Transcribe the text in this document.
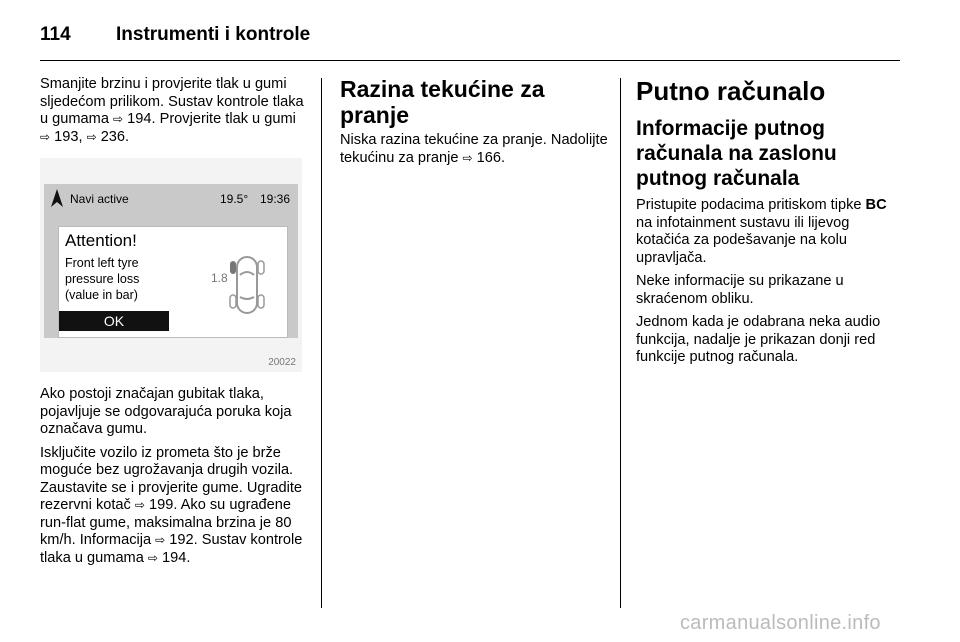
114 Instrumenti i kontrole

Smanjite brzinu i provjerite tlak u gumi sljedećom prilikom. Sustav kontrole tlaka u gumama ⇨ 194. Provjerite tlak u gumi ⇨ 193, ⇨ 236.

Navi active	19.5° 19:36
Attention!
Front left tyre
pressure loss
(value in bar)
1.8
OK
20022

Ako postoji značajan gubitak tlaka, pojavljuje se odgovarajuća poruka koja označava gumu.

Isključite vozilo iz prometa što je brže moguće bez ugrožavanja drugih vozila. Zaustavite se i provjerite gume. Ugradite rezervni kotač ⇨ 199. Ako su ugrađene run-flat gume, maksimalna brzina je 80 km/h. Informacija ⇨ 192. Sustav kontrole tlaka u gumama ⇨ 194.

Razina tekućine za pranje

Niska razina tekućine za pranje. Nadolijte tekućinu za pranje ⇨ 166.

Putno računalo
Informacije putnog računala na zaslonu putnog računala

Pristupite podacima pritiskom tipke BC na infotainment sustavu ili lijevog kotačića za podešavanje na kolu upravljača.

Neke informacije su prikazane u skraćenom obliku.

Jednom kada je odabrana neka audio funkcija, nadalje je prikazan donji red funkcije putnog računala.

carmanualsonline.info
